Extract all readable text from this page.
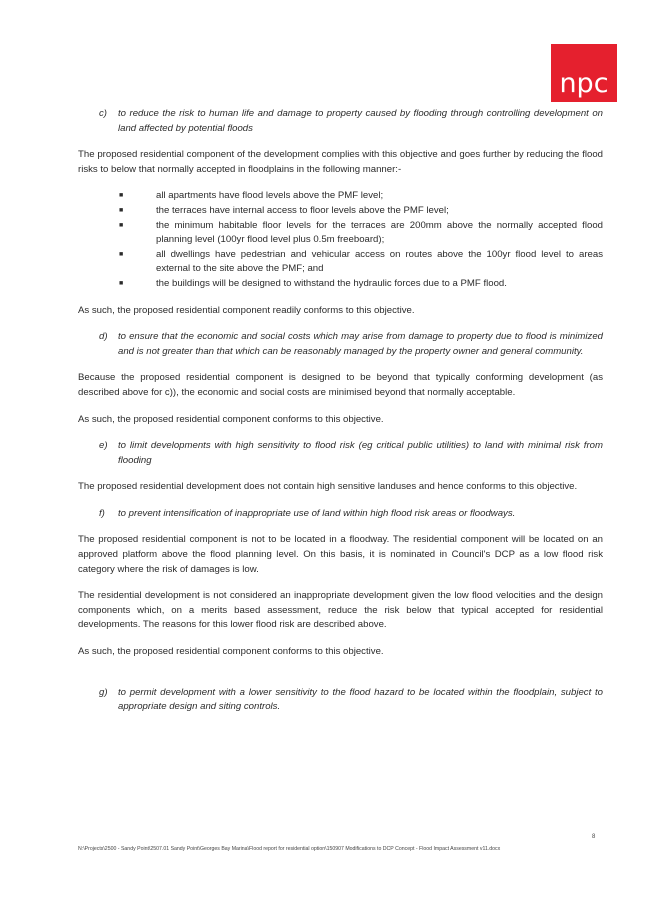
npc
c)	to reduce the risk to human life and damage to property caused by flooding through controlling development on land affected by potential floods

The proposed residential component of the development complies with this objective and goes further by reducing the flood risks to below that normally accepted in floodplains in the following manner:-

■	all apartments have flood levels above the PMF level;
■	the terraces have internal access to floor levels above the PMF level;
■	the minimum habitable floor levels for the terraces are 200mm above the normally accepted flood planning level (100yr flood level plus 0.5m freeboard);
■	all dwellings have pedestrian and vehicular access on routes above the 100yr flood level to areas external to the site above the PMF; and
■	the buildings will be designed to withstand the hydraulic forces due to a PMF flood.

As such, the proposed residential component readily conforms to this objective.

d)	to ensure that the economic and social costs which may arise from damage to property due to flood is minimized and is not greater than that which can be reasonably managed by the property owner and general community.

Because the proposed residential component is designed to be beyond that typically conforming development (as described above for c)), the economic and social costs are minimised beyond that normally acceptable.

As such, the proposed residential component conforms to this objective.

e)	to limit developments with high sensitivity to flood risk (eg critical public utilities) to land with minimal risk from flooding

The proposed residential development does not contain high sensitive landuses and hence conforms to this objective.

f)	to prevent intensification of inappropriate use of land within high flood risk areas or floodways.

The proposed residential component is not to be located in a floodway. The residential component will be located on an approved platform above the flood planning level. On this basis, it is nominated in Council's DCP as a low flood risk category where the risk of damages is low.

The residential development is not considered an inappropriate development given the low flood velocities and the design components which, on a merits based assessment, reduce the risk below that typical accepted for residential developments. The reasons for this lower flood risk are described above.

As such, the proposed residential component conforms to this objective.

g)	to permit development with a lower sensitivity to the flood hazard to be located within the floodplain, subject to appropriate design and siting controls.
8
N:\Projects\2500 - Sandy Point\2507.01 Sandy Point\Georges Bay Marina\Flood report for residential option\150907 Modifications to DCP Concept - Flood Impact Assessment v11.docx
